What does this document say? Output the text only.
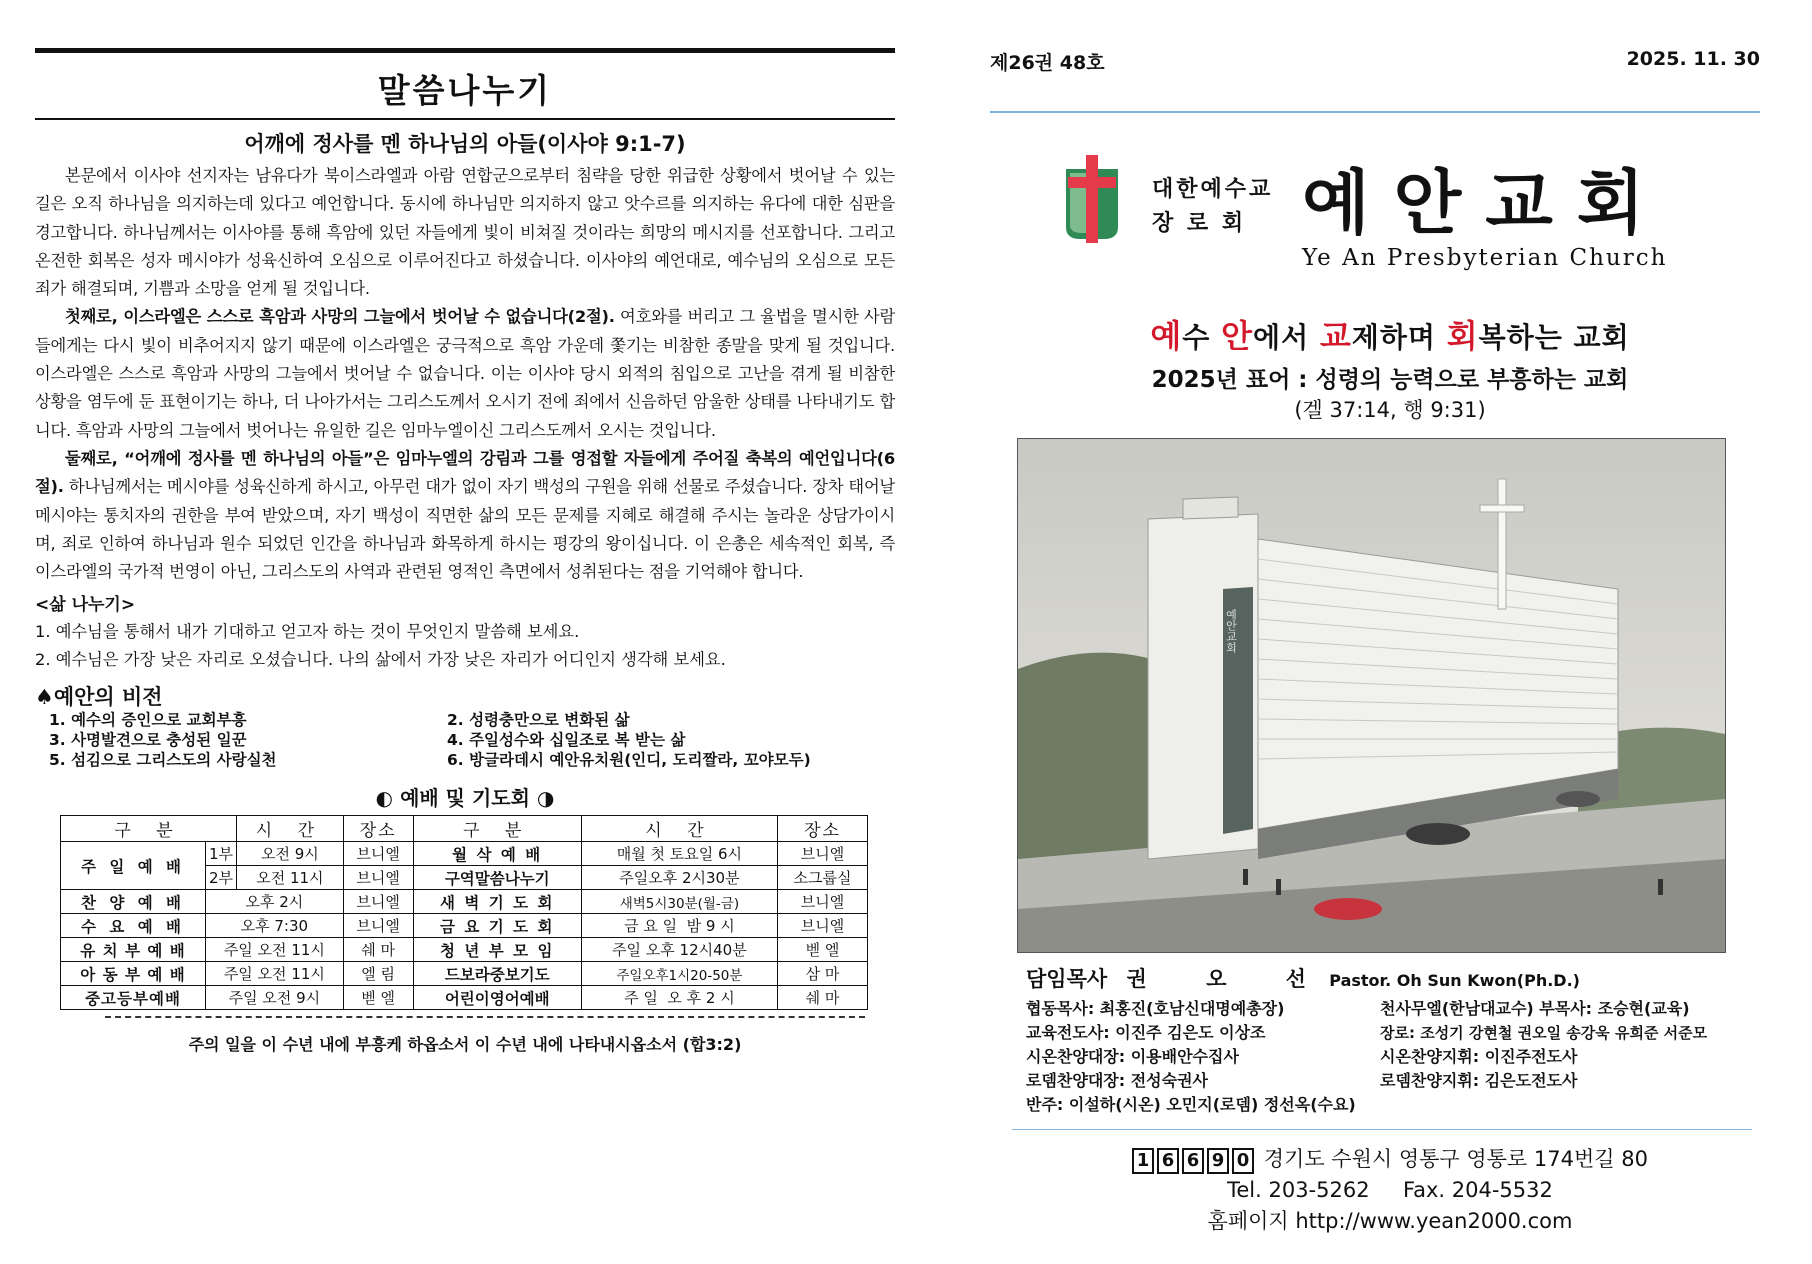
말씀나누기
어깨에 정사를 멘 하나님의 아들(이사야 9:1-7)

본문에서 이사야 선지자는 남유다가 북이스라엘과 아람 연합군으로부터 침략을 당한 위급한 상황에서 벗어날 수 있는 길은 오직 하나님을 의지하는데 있다고 예언합니다. 동시에 하나님만 의지하지 않고 앗수르를 의지하는 유다에 대한 심판을 경고합니다. 하나님께서는 이사야를 통해 흑암에 있던 자들에게 빛이 비쳐질 것이라는 희망의 메시지를 선포합니다. 그리고 온전한 회복은 성자 메시야가 성육신하여 오심으로 이루어진다고 하셨습니다. 이사야의 예언대로, 예수님의 오심으로 모든 죄가 해결되며, 기쁨과 소망을 얻게 될 것입니다.

첫째로, 이스라엘은 스스로 흑암과 사망의 그늘에서 벗어날 수 없습니다(2절). 여호와를 버리고 그 율법을 멸시한 사람들에게는 다시 빛이 비추어지지 않기 때문에 이스라엘은 궁극적으로 흑암 가운데 쫓기는 비참한 종말을 맞게 될 것입니다. 이스라엘은 스스로 흑암과 사망의 그늘에서 벗어날 수 없습니다. 이는 이사야 당시 외적의 침입으로 고난을 겪게 될 비참한 상황을 염두에 둔 표현이기는 하나, 더 나아가서는 그리스도께서 오시기 전에 죄에서 신음하던 암울한 상태를 나타내기도 합니다. 흑암과 사망의 그늘에서 벗어나는 유일한 길은 임마누엘이신 그리스도께서 오시는 것입니다.

둘째로, “어깨에 정사를 멘 하나님의 아들”은 임마누엘의 강림과 그를 영접할 자들에게 주어질 축복의 예언입니다(6절). 하나님께서는 메시야를 성육신하게 하시고, 아무런 대가 없이 자기 백성의 구원을 위해 선물로 주셨습니다. 장차 태어날 메시야는 통치자의 권한을 부여 받았으며, 자기 백성이 직면한 삶의 모든 문제를 지혜로 해결해 주시는 놀라운 상담가이시며, 죄로 인하여 하나님과 원수 되었던 인간을 하나님과 화목하게 하시는 평강의 왕이십니다. 이 은총은 세속적인 회복, 즉 이스라엘의 국가적 번영이 아닌, 그리스도의 사역과 관련된 영적인 측면에서 성취된다는 점을 기억해야 합니다.

<삶 나누기>
1. 예수님을 통해서 내가 기대하고 얻고자 하는 것이 무엇인지 말씀해 보세요.
2. 예수님은 가장 낮은 자리로 오셨습니다. 나의 삶에서 가장 낮은 자리가 어디인지 생각해 보세요.
♠예안의 비전
1. 예수의 증인으로 교회부흥	2. 성령충만으로 변화된 삶
3. 사명발견으로 충성된 일꾼	4. 주일성수와 십일조로 복 받는 삶
5. 섬김으로 그리스도의 사랑실천	6. 방글라데시 예안유치원(인디, 도리짤라, 꼬야모두)
◐ 예배 및 기도회 ◑
구 분		시 간	장소	구 분	시 간	장소
주 일 예 배	1부	오전 9시	브니엘	월 삭 예 배	매월 첫 토요일 6시	브니엘
	2부	오전 11시	브니엘	구역말씀나누기	주일오후 2시30분	소그룹실
찬 양 예 배	오후 2시		브니엘	새 벽 기 도 회	새벽5시30분(월-금)	브니엘
수 요 예 배	오후 7:30		브니엘	금 요 기 도 회	금 요 일  밤 9 시	브니엘
유 치 부 예 배	주일 오전 11시		쉐 마	청 년 부 모 임	주일 오후 12시40분	벧 엘
아 동 부 예 배	주일 오전 11시		엘 림	드보라중보기도	주일오후1시20-50분	삼 마
중고등부예배	주일 오전 9시		벧 엘	어린이영어예배	주 일  오 후 2 시	쉐 마
주의 일을 이 수년 내에 부흥케 하옵소서 이 수년 내에 나타내시옵소서 (합3:2)
제26권 48호	2025. 11. 30
대한예수교
장 로 회 예안교회
Ye An Presbyterian Church
예수 안에서 교제하며 회복하는 교회
2025년 표어 : 성령의 능력으로 부흥하는 교회
(겔 37:14, 행 9:31)
예안교회
담임목사 권 오 선 Pastor. Oh Sun Kwon(Ph.D.)
협동목사: 최홍진(호남신대명예총장)	천사무엘(한남대교수) 부목사: 조승현(교육)
교육전도사: 이진주 김은도 이상조	장로: 조성기 강현철 권오일 송강욱 유희준 서준모
시온찬양대장: 이용배안수집사	시온찬양지휘: 이진주전도사
로뎀찬양대장: 전성숙권사	로뎀찬양지휘: 김은도전도사
반주: 이설하(시온) 오민지(로뎀) 정선옥(수요)
1 6 6 9 0 경기도 수원시 영통구 영통로 174번길 80
Tel. 203-5262 Fax. 204-5532
홈페이지 http://www.yean2000.com
